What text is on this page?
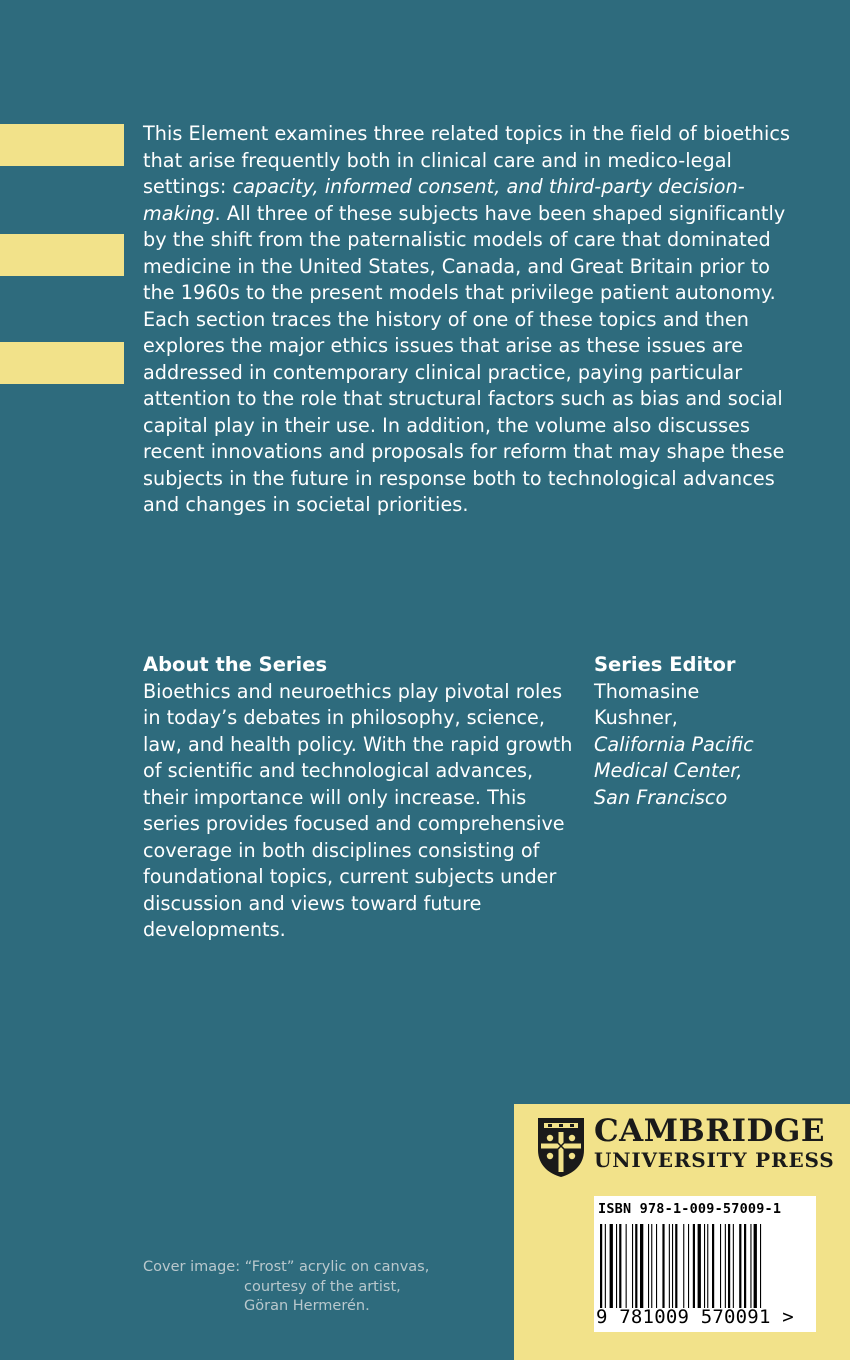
This Element examines three related topics in the field of bioethics that arise frequently both in clinical care and in medico-legal settings: capacity, informed consent, and third-party decision-making. All three of these subjects have been shaped significantly by the shift from the paternalistic models of care that dominated medicine in the United States, Canada, and Great Britain prior to the 1960s to the present models that privilege patient autonomy. Each section traces the history of one of these topics and then explores the major ethics issues that arise as these issues are addressed in contemporary clinical practice, paying particular attention to the role that structural factors such as bias and social capital play in their use. In addition, the volume also discusses recent innovations and proposals for reform that may shape these subjects in the future in response both to technological advances and changes in societal priorities.
About the Series
Bioethics and neuroethics play pivotal roles in today’s debates in philosophy, science, law, and health policy. With the rapid growth of scientific and technological advances, their importance will only increase. This series provides focused and comprehensive coverage in both disciplines consisting of foundational topics, current subjects under discussion and views toward future developments.
Series Editor
Thomasine
Kushner,
California Pacific
Medical Center,
San Francisco
Cover image: “Frost” acrylic on canvas,
courtesy of the artist,
Göran Hermerén.
CAMBRIDGE
UNIVERSITY PRESS
ISBN 978-1-009-57009-1
9 781009 570091 >
